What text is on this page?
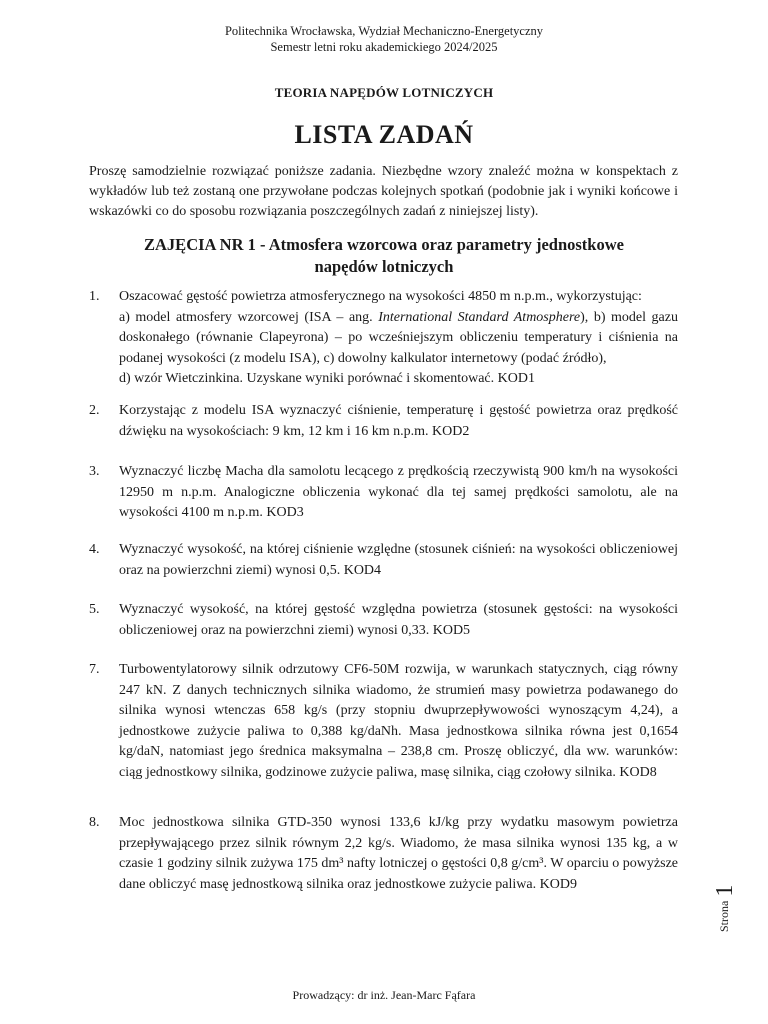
Politechnika Wrocławska, Wydział Mechaniczno-Energetyczny
Semestr letni roku akademickiego 2024/2025
TEORIA NAPĘDÓW LOTNICZYCH
LISTA ZADAŃ
Proszę samodzielnie rozwiązać poniższe zadania. Niezbędne wzory znaleźć można w konspektach z wykładów lub też zostaną one przywołane podczas kolejnych spotkań (podobnie jak i wyniki końcowe i wskazówki co do sposobu rozwiązania poszczególnych zadań z niniejszej listy).
ZAJĘCIA NR 1 - Atmosfera wzorcowa oraz parametry jednostkowe
napędów lotniczych
1.	Oszacować gęstość powietrza atmosferycznego na wysokości 4850 m n.p.m., wykorzystując:
a) model atmosfery wzorcowej (ISA – ang. International Standard Atmosphere), b) model gazu doskonałego (równanie Clapeyrona) – po wcześniejszym obliczeniu temperatury i ciśnienia na podanej wysokości (z modelu ISA), c) dowolny kalkulator internetowy (podać źródło),
d) wzór Wietczinkina. Uzyskane wyniki porównać i skomentować. KOD1
2.	Korzystając z modelu ISA wyznaczyć ciśnienie, temperaturę i gęstość powietrza oraz prędkość dźwięku na wysokościach: 9 km, 12 km i 16 km n.p.m. KOD2
3.	Wyznaczyć liczbę Macha dla samolotu lecącego z prędkością rzeczywistą 900 km/h na wysokości 12950 m n.p.m. Analogiczne obliczenia wykonać dla tej samej prędkości samolotu, ale na wysokości 4100 m n.p.m. KOD3
4.	Wyznaczyć wysokość, na której ciśnienie względne (stosunek ciśnień: na wysokości obliczeniowej oraz na powierzchni ziemi) wynosi 0,5. KOD4
5.	Wyznaczyć wysokość, na której gęstość względna powietrza (stosunek gęstości: na wysokości obliczeniowej oraz na powierzchni ziemi) wynosi 0,33. KOD5
7.	Turbowentylatorowy silnik odrzutowy CF6-50M rozwija, w warunkach statycznych, ciąg równy 247 kN. Z danych technicznych silnika wiadomo, że strumień masy powietrza podawanego do silnika wynosi wtenczas 658 kg/s (przy stopniu dwuprzepływowości wynoszącym 4,24), a jednostkowe zużycie paliwa to 0,388 kg/daNh. Masa jednostkowa silnika równa jest 0,1654 kg/daN, natomiast jego średnica maksymalna – 238,8 cm. Proszę obliczyć, dla ww. warunków: ciąg jednostkowy silnika, godzinowe zużycie paliwa, masę silnika, ciąg czołowy silnika. KOD8
8.	Moc jednostkowa silnika GTD-350 wynosi 133,6 kJ/kg przy wydatku masowym powietrza przepływającego przez silnik równym 2,2 kg/s. Wiadomo, że masa silnika wynosi 135 kg, a w czasie 1 godziny silnik zużywa 175 dm³ nafty lotniczej o gęstości 0,8 g/cm³. W oparciu o powyższe dane obliczyć masę jednostkową silnika oraz jednostkowe zużycie paliwa. KOD9
Strona1
Prowadzący: dr inż. Jean-Marc Fąfara
